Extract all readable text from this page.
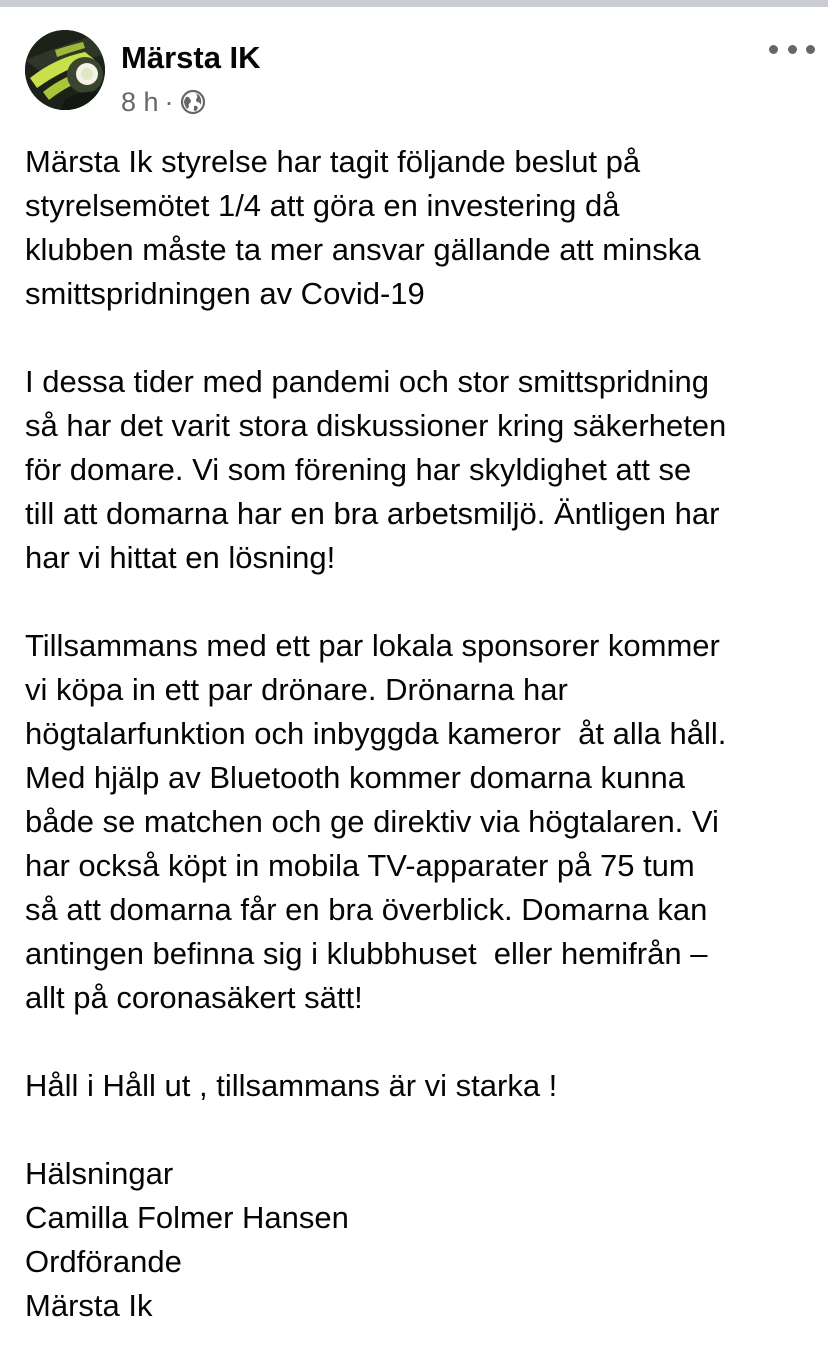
Märsta IK
8 h ·

Märsta Ik styrelse har tagit följande beslut på
styrelsemötet 1/4 att göra en investering då
klubben måste ta mer ansvar gällande att minska
smittspridningen av Covid-19

I dessa tider med pandemi och stor smittspridning
så har det varit stora diskussioner kring säkerheten
för domare. Vi som förening har skyldighet att se
till att domarna har en bra arbetsmiljö. Äntligen har
har vi hittat en lösning!

Tillsammans med ett par lokala sponsorer kommer
vi köpa in ett par drönare. Drönarna har
högtalarfunktion och inbyggda kameror  åt alla håll.
Med hjälp av Bluetooth kommer domarna kunna
både se matchen och ge direktiv via högtalaren. Vi
har också köpt in mobila TV-apparater på 75 tum
så att domarna får en bra överblick. Domarna kan
antingen befinna sig i klubbhuset  eller hemifrån –
allt på coronasäkert sätt!

Håll i Håll ut , tillsammans är vi starka !

Hälsningar
Camilla Folmer Hansen
Ordförande
Märsta Ik
